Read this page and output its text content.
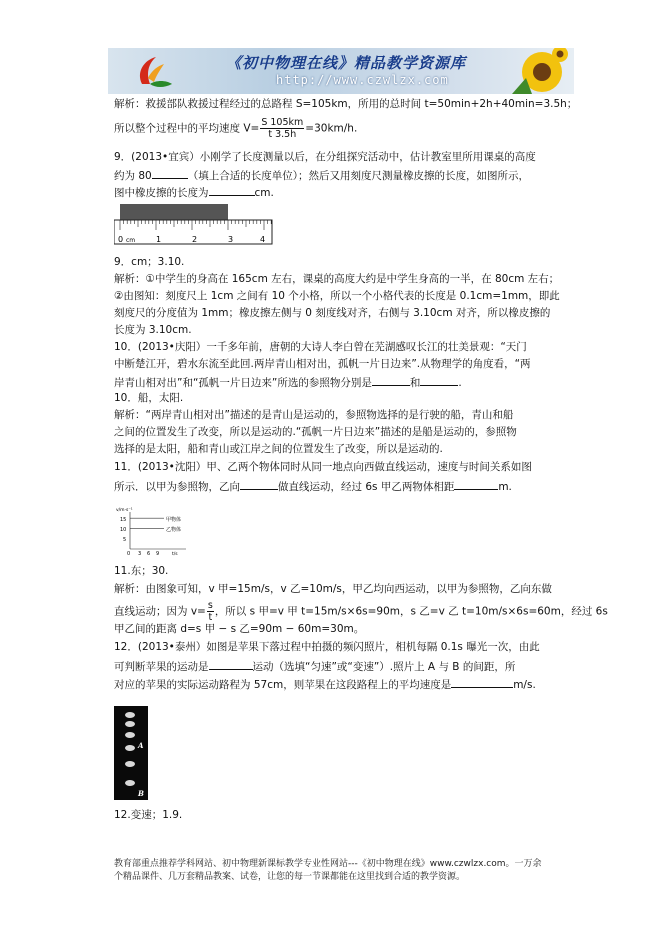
《初中物理在线》精品教学资源库
http://www.czwlzx.com
解析：救援部队救援过程经过的总路程 S=105km，所用的总时间 t=50min+2h+40min=3.5h；
所以整个过程中的平均速度 $V= \frac{S 105km}{t 3.5h} =30km/h$.
9．(2013•宜宾）小刚学了长度测量以后，在分组探究活动中，估计教室里所用课桌的高度
约为 80	（填上合适的长度单位）；然后又用刻度尺测量橡皮擦的长度，如图所示，
图中橡皮擦的长度为	cm.
0 cm	1	2	3	4
9．cm；3.10.
解析：①中学生的身高在 165cm 左右，课桌的高度大约是中学生身高的一半，在 80cm 左右；
②由图知：刻度尺上 1cm 之间有 10 个小格，所以一个小格代表的长度是 0.1cm=1mm，即此
刻度尺的分度值为 1mm；橡皮擦左侧与 0 刻度线对齐，右侧与 3.10cm 对齐，所以橡皮擦的
长度为 3.10cm.
10．(2013•庆阳）一千多年前，唐朝的大诗人李白曾在芜湖感叹长江的壮美景观：“天门
中断楚江开，碧水东流至此回.两岸青山相对出，孤帆一片日边来”.从物理学的角度看，“两
岸青山相对出”和“孤帆一片日边来”所选的参照物分别是	和	.
10．船，太阳.
解析：“两岸青山相对出”描述的是青山是运动的，参照物选择的是行驶的船，青山和船
之间的位置发生了改变，所以是运动的.“孤帆一片日边来”描述的是船是运动的，参照物
选择的是太阳，船和青山或江岸之间的位置发生了改变，所以是运动的.
11．(2013•沈阳）甲、乙两个物体同时从同一地点向西做直线运动，速度与时间关系如图
所示．以甲为参照物，乙向	做直线运动，经过 6s 甲乙两物体相距	m.
v/m·s⁻¹
15
10
5
0 3 6 9	t/s
甲物体
乙物体
11.东；30.
解析：由图象可知，v 甲=15m/s，v 乙=10m/s，甲乙均向西运动，以甲为参照物，乙向东做
直线运动；因为 $v= \frac{s}{t}$ ，所以 s 甲=v 甲 t=15m/s×6s=90m，s 乙=v 乙 t=10m/s×6s=60m，经过 6s
甲乙间的距离 d=s 甲 − s 乙=90m − 60m=30m。
12．(2013•泰州）如图是苹果下落过程中拍摄的频闪照片，相机每隔 0.1s 曝光一次，由此
可判断苹果的运动是	运动（选填“匀速”或“变速”）.照片上 A 与 B 的间距，所
对应的苹果的实际运动路程为 57cm，则苹果在这段路程上的平均速度是	m/s.
A
B
12.变速；1.9.
教育部重点推荐学科网站、初中物理新课标教学专业性网站---《初中物理在线》www.czwlzx.com。一万余
个精品课件、几万套精品教案、试卷，让您的每一节课都能在这里找到合适的教学资源。
